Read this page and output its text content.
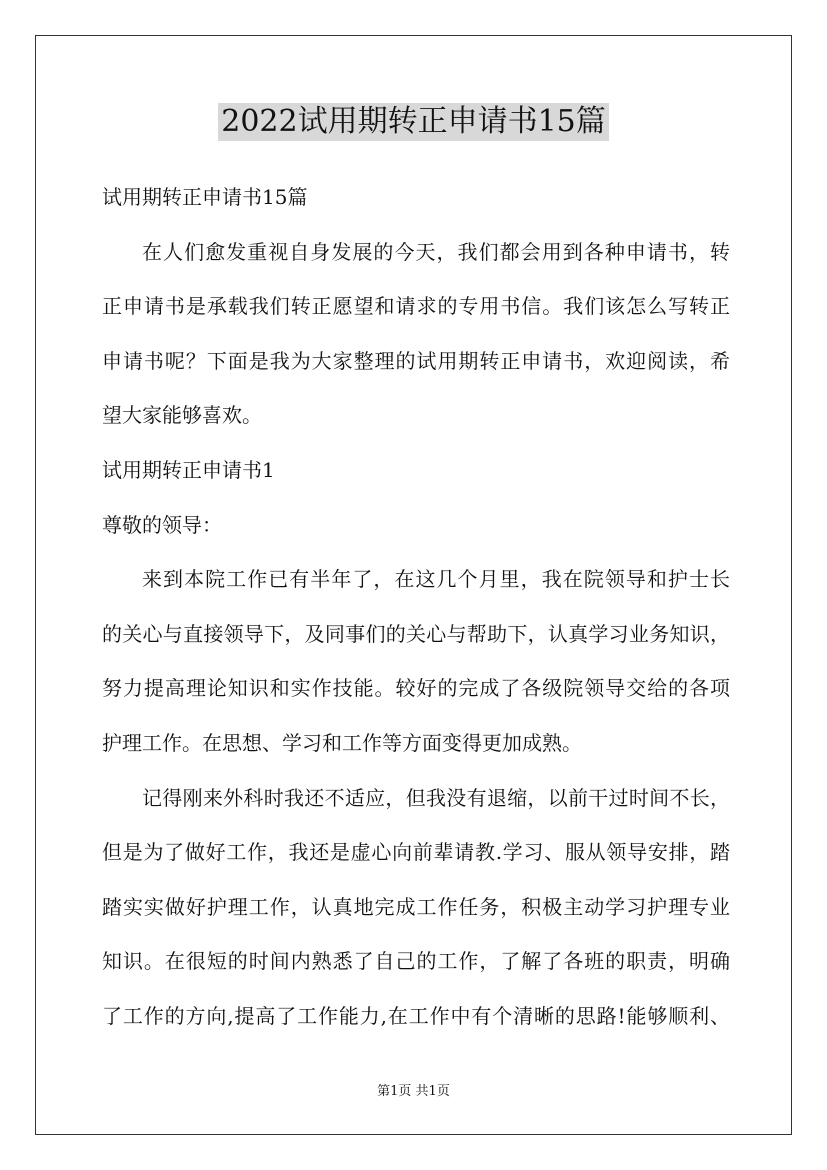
2022试用期转正申请书15篇
试用期转正申请书15篇
在人们愈发重视自身发展的今天，我们都会用到各种申请书，转
正申请书是承载我们转正愿望和请求的专用书信。我们该怎么写转正
申请书呢？下面是我为大家整理的试用期转正申请书，欢迎阅读，希
望大家能够喜欢。
试用期转正申请书1
尊敬的领导：
来到本院工作已有半年了，在这几个月里，我在院领导和护士长
的关心与直接领导下，及同事们的关心与帮助下，认真学习业务知识，
努力提高理论知识和实作技能。较好的完成了各级院领导交给的各项
护理工作。在思想、学习和工作等方面变得更加成熟。
记得刚来外科时我还不适应，但我没有退缩，以前干过时间不长，
但是为了做好工作，我还是虚心向前辈请教.学习、服从领导安排，踏
踏实实做好护理工作，认真地完成工作任务，积极主动学习护理专业
知识。在很短的时间内熟悉了自己的工作，了解了各班的职责，明确
了工作的方向,提高了工作能力,在工作中有个清晰的思路!能够顺利、
第1页 共1页
